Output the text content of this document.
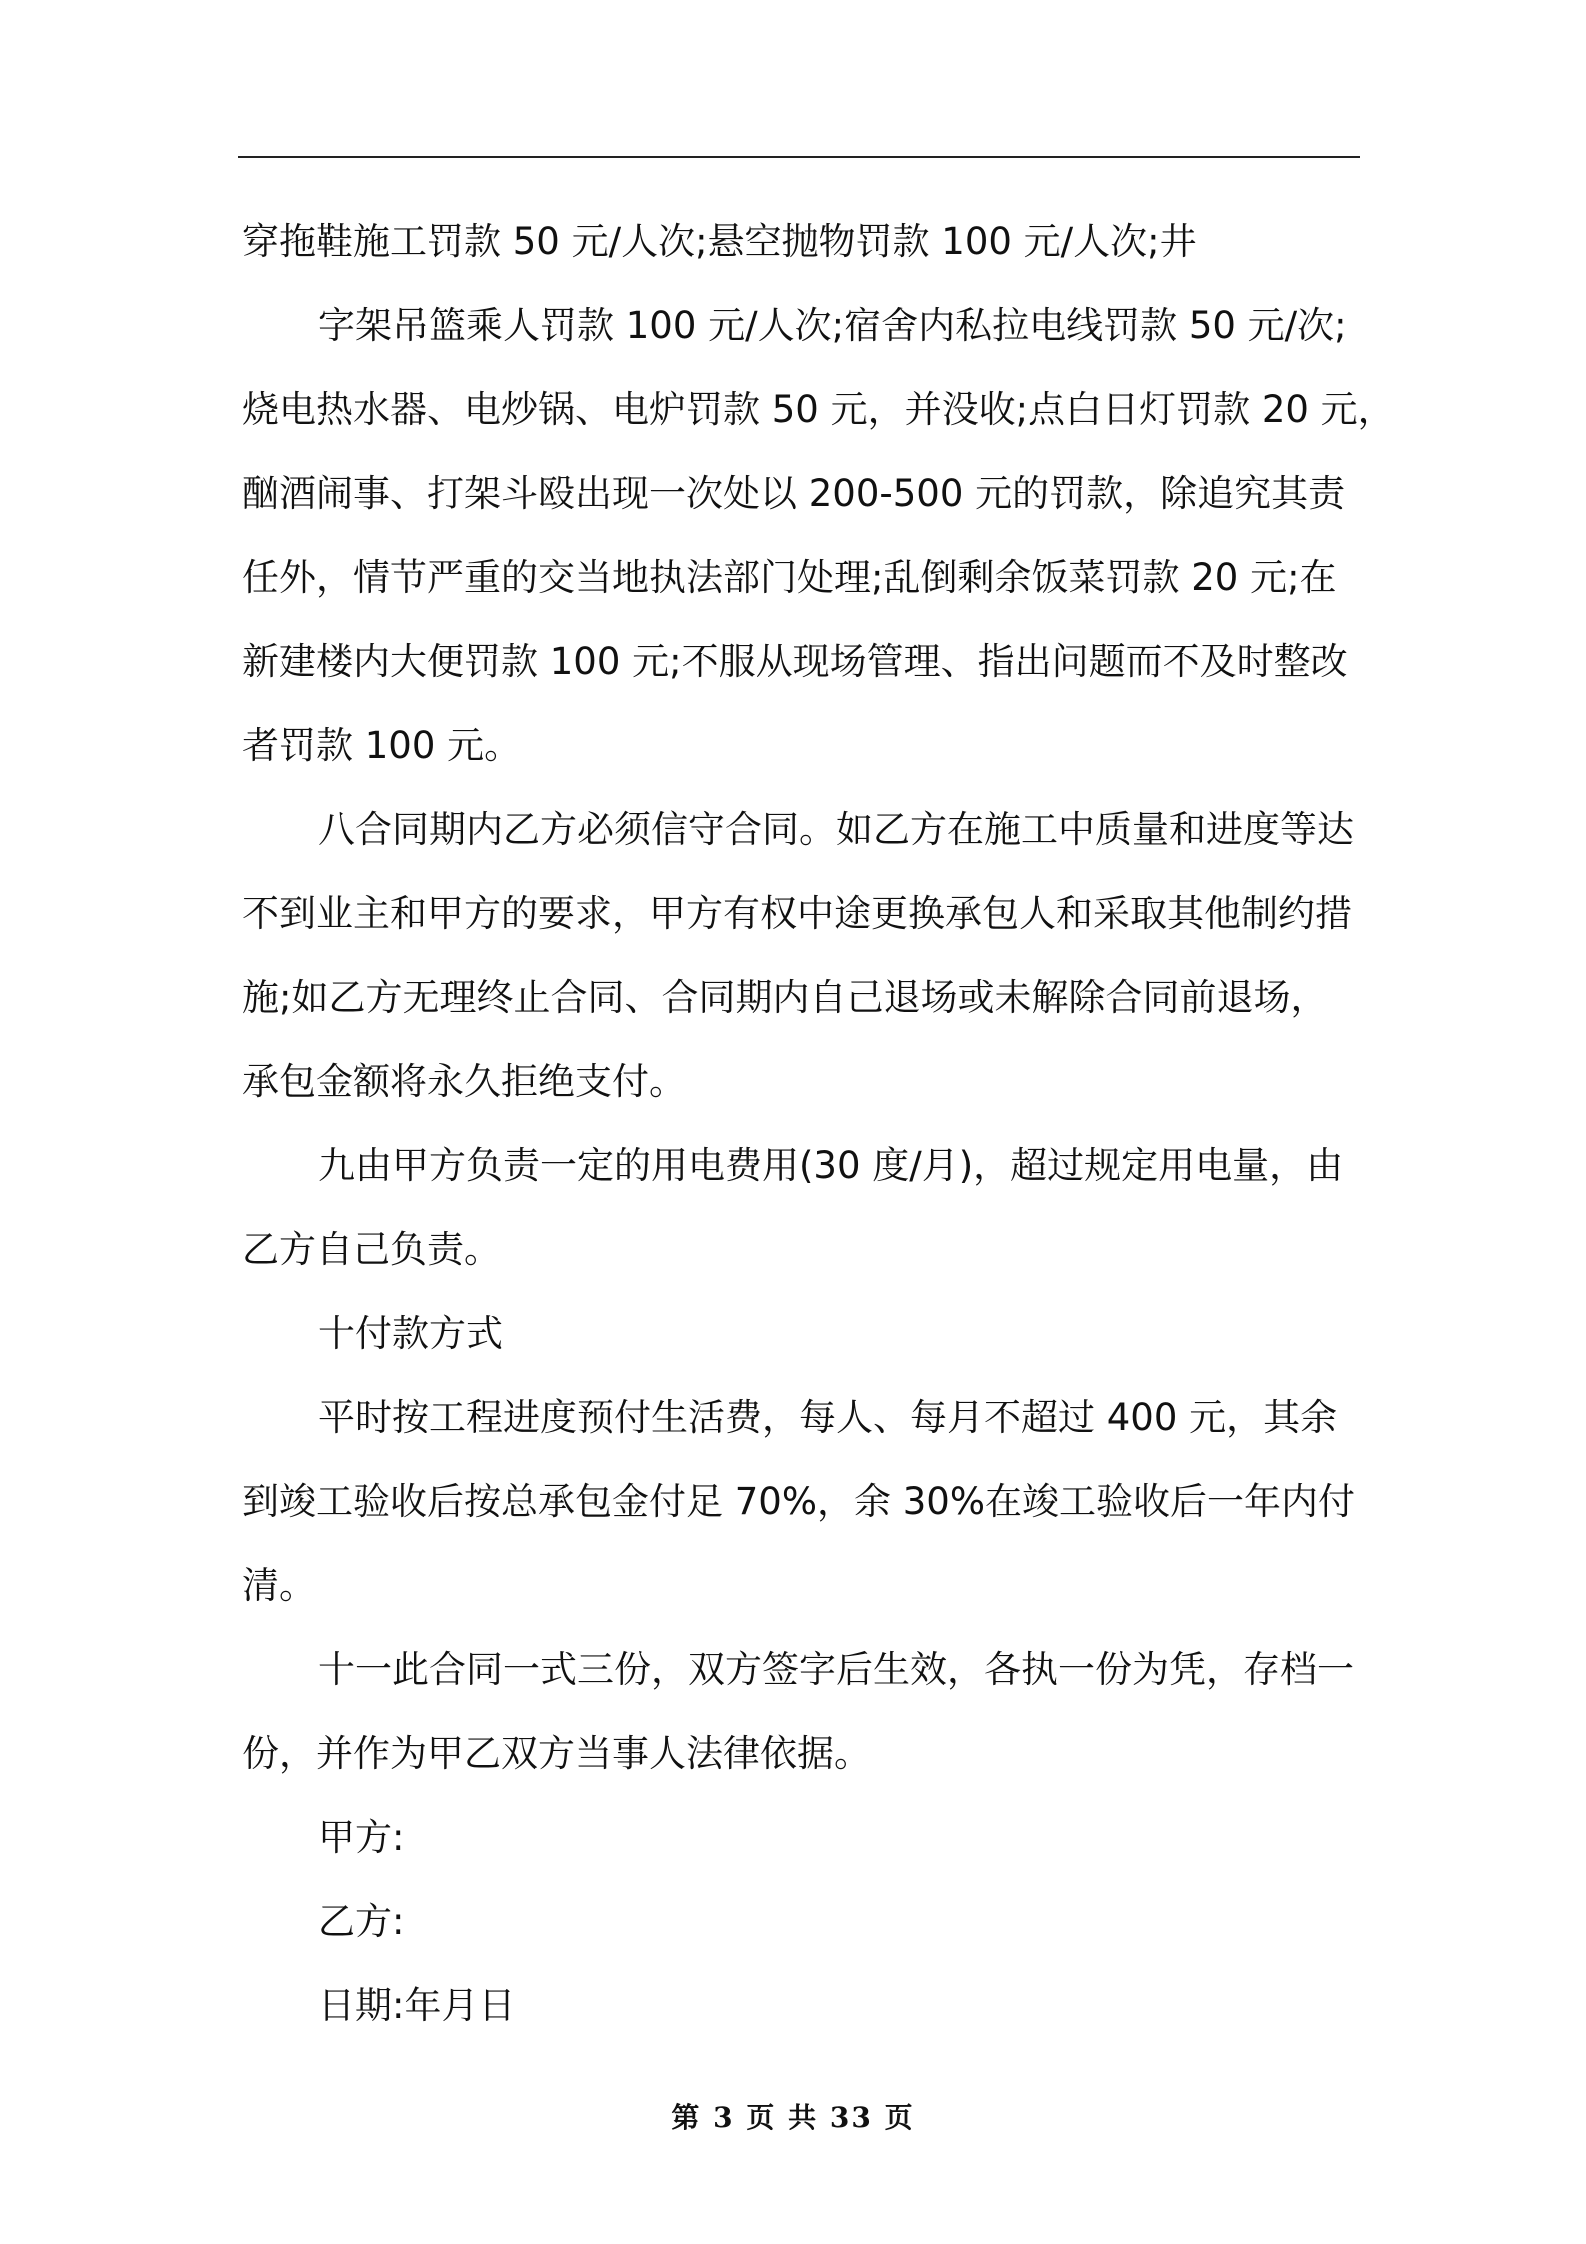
穿拖鞋施工罚款 50 元/人次;悬空抛物罚款 100 元/人次;井
字架吊篮乘人罚款 100 元/人次;宿舍内私拉电线罚款 50 元/次;
烧电热水器、电炒锅、电炉罚款 50 元，并没收;点白日灯罚款 20 元，
酗酒闹事、打架斗殴出现一次处以 200-500 元的罚款，除追究其责
任外，情节严重的交当地执法部门处理;乱倒剩余饭菜罚款 20 元;在
新建楼内大便罚款 100 元;不服从现场管理、指出问题而不及时整改
者罚款 100 元。
八合同期内乙方必须信守合同。如乙方在施工中质量和进度等达
不到业主和甲方的要求，甲方有权中途更换承包人和采取其他制约措
施;如乙方无理终止合同、合同期内自己退场或未解除合同前退场，
承包金额将永久拒绝支付。
九由甲方负责一定的用电费用(30 度/月)，超过规定用电量，由
乙方自己负责。
十付款方式
平时按工程进度预付生活费，每人、每月不超过 400 元，其余
到竣工验收后按总承包金付足 70%，余 30%在竣工验收后一年内付
清。
十一此合同一式三份，双方签字后生效，各执一份为凭，存档一
份，并作为甲乙双方当事人法律依据。
甲方:
乙方:
日期:年月日

第 3 页 共 33 页
